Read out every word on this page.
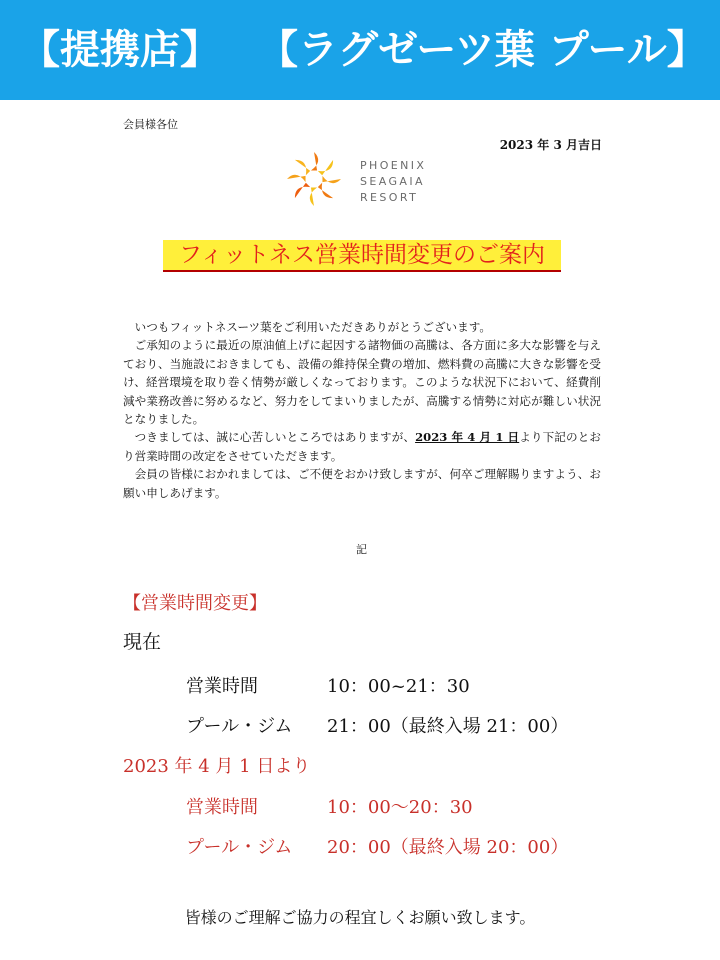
【提携店】 【ラグゼーツ葉 プール】
会員様各位
2023 年 3 月吉日
PHOENIX
SEAGAIA
RESORT
フィットネス営業時間変更のご案内

いつもフィットネスーツ葉をご利用いただきありがとうございます。

ご承知のように最近の原油値上げに起因する諸物価の高騰は、各方面に多大な影響を与えており、当施設におきましても、設備の維持保全費の増加、燃料費の高騰に大きな影響を受け、経営環境を取り巻く情勢が厳しくなっております。このような状況下において、経費削減や業務改善に努めるなど、努力をしてまいりましたが、高騰する情勢に対応が難しい状況となりました。

つきましては、誠に心苦しいところではありますが、2023 年 4 月 1 日より下記のとおり営業時間の改定をさせていただきます。

会員の皆様におかれましては、ご不便をおかけ致しますが、何卒ご理解賜りますよう、お願い申しあげます。

記
【営業時間変更】
現在
営業時間	10：00~21：30
プール・ジム 21：00（最終入場 21：00）
2023 年 4 月 1 日より
営業時間	10：00〜20：30
プール・ジム 20：00（最終入場 20：00）
皆様のご理解ご協力の程宜しくお願い致します。
